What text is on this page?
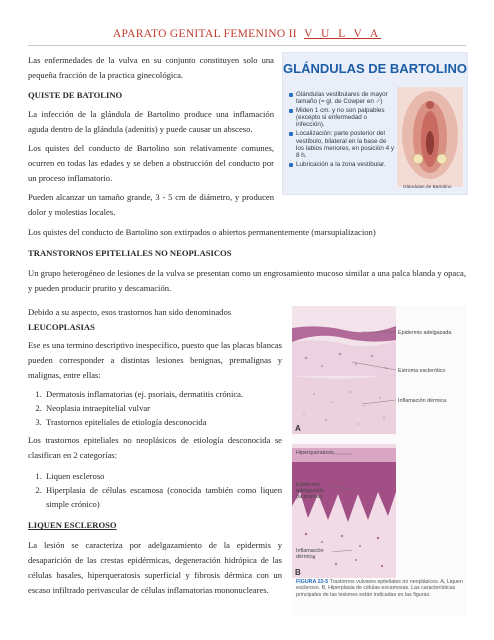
APARATO GENITAL FEMENINO II V U L V A

Las enfermedades de la vulva en su conjunto constituyen solo una pequeña fracción de la practica ginecológica.

QUISTE DE BATOLINO

La infección de la glándula de Bartolino produce una inflamación aguda dentro de la glándula (adenitis) y puede causar un absceso.

Los quistes del conducto de Bartolino son relativamente comunes, ocurren en todas las edades y se deben a obstrucción del conducto por un proceso inflamatorio.

Pueden alcanzar un tamaño grande, 3 - 5 cm de diámetro, y producen dolor y molestias locales.

GLÁNDULAS DE BARTOLINO
Glándulas vestibulares de mayor tamaño (= gl. de Cowper en ♂)
Miden 1 cm. y no son palpables (excepto si enfermedad o infección).
Localización: parte posterior del vestíbulo, bilateral en la base de los labios menores, en posición 4 y 8 h.
Lubricación a la zona vestibular.
Glándulas de Bartolino

Los quistes del conducto de Bartolino son extirpados o abiertos permanentemente (marsupializacion)

TRANSTORNOS EPITELIALES NO NEOPLASICOS

Un grupo heterogéneo de lesiones de la vulva se presentan como un engrosamiento mucoso similar a una palca blanda y opaca, y pueden producir prurito y descamación.

Debido a su aspecto, esos trastornos han sido denominados

LEUCOPLASIAS

Ese es una termino descriptivo inespecífico, puesto que las placas blancas pueden corresponder a distintas lesiones benignas, premalignas y malignas, entre ellas:

1. Dermatosis inflamatorias (ej. psoriais, dermatitis crónica.
2. Neoplasia intraepitelial vulvar
3. Trastornos epiteliales de etiología desconocida

Los trastornos epiteliales no neoplásicos de etiología desconocida se clasifican en 2 categorías:

1. Liquen escleroso
2. Hiperplasia de células escamosa (conocida también como liquen simple crónico)

LIQUEN ESCLEROSO

La lesión se caracteriza por adelgazamiento de la epidermis y desaparición de las crestas epidérmicas, degeneración hidrópica de las células basales, hiperqueratosis superficial y fibrosis dérmica con un escaso infiltrado perivascular de células inflamatorias mononucleares.

Epidermis adelgazada
Estroma esclerótico
Inflamación dérmica
A
Hiperqueratosis
Epidermis adelgazada (acantosis)
Inflamación dérmica
B
FIGURA 22-5 Trastornos vulvares epiteliales no neoplásicos. A, Liquen escleroso. B, Hiperplasia de células escamosas. Las características principales de las lesiones están indicadas en las figuras.
